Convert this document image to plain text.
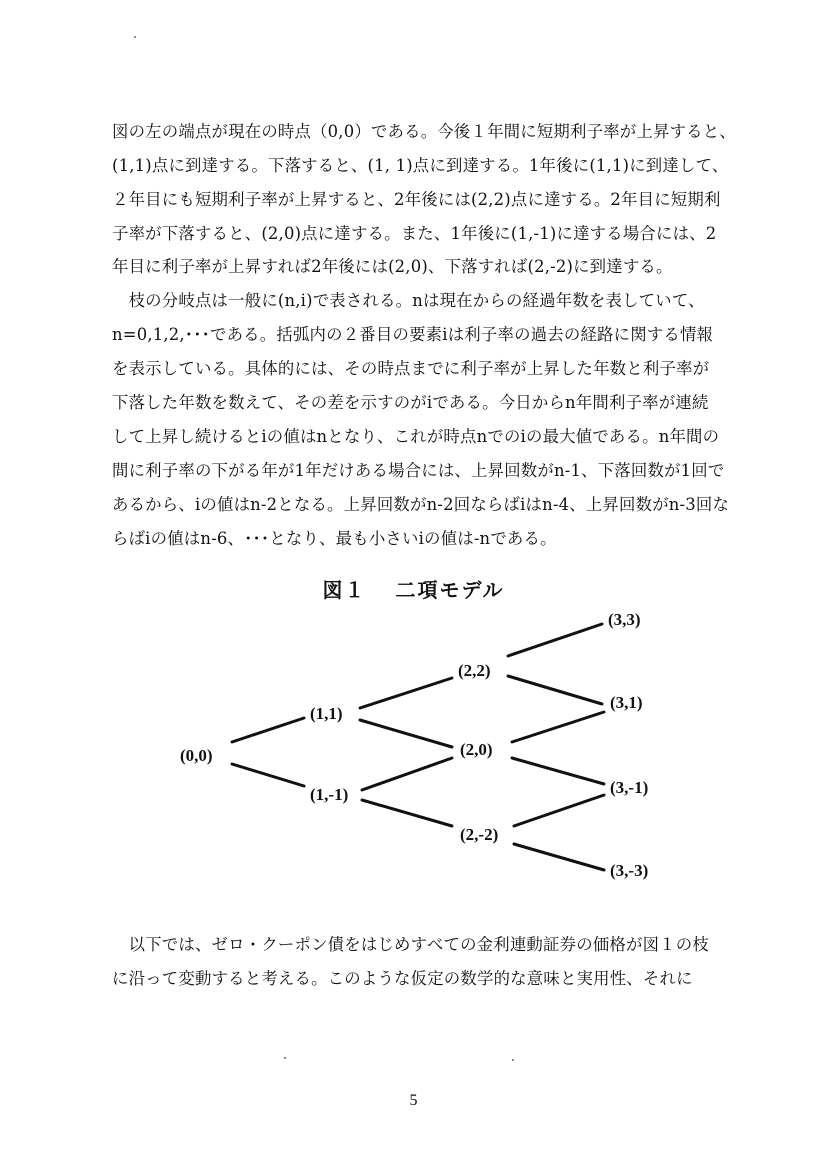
図の左の端点が現在の時点（0,0）である。今後１年間に短期利子率が上昇すると、
(1,1)点に到達する。下落すると、(1, 1)点に到達する。1年後に(1,1)に到達して、
２年目にも短期利子率が上昇すると、2年後には(2,2)点に達する。2年目に短期利
子率が下落すると、(2,0)点に達する。また、1年後に(1,-1)に達する場合には、2
年目に利子率が上昇すれば2年後には(2,0)、下落すれば(2,-2)に到達する。
　枝の分岐点は一般に(n,i)で表される。nは現在からの経過年数を表していて、
n=0,1,2,･･･である。括弧内の２番目の要素iは利子率の過去の経路に関する情報
を表示している。具体的には、その時点までに利子率が上昇した年数と利子率が
下落した年数を数えて、その差を示すのがiである。今日からn年間利子率が連続
して上昇し続けるとiの値はnとなり、これが時点nでのiの最大値である。n年間の
間に利子率の下がる年が1年だけある場合には、上昇回数がn-1、下落回数が1回で
あるから、iの値はn-2となる。上昇回数がn-2回ならばiはn-4、上昇回数がn-3回な
らばiの値はn-6、･･･となり、最も小さいiの値は-nである。
図１ 二項モデル
(0,0)
(1,1)
(1,-1)
(2,2)
(2,0)
(2,-2)
(3,3)
(3,1)
(3,-1)
(3,-3)
　以下では、ゼロ・クーポン債をはじめすべての金利連動証券の価格が図１の枝
に沿って変動すると考える。このような仮定の数学的な意味と実用性、それに
5
